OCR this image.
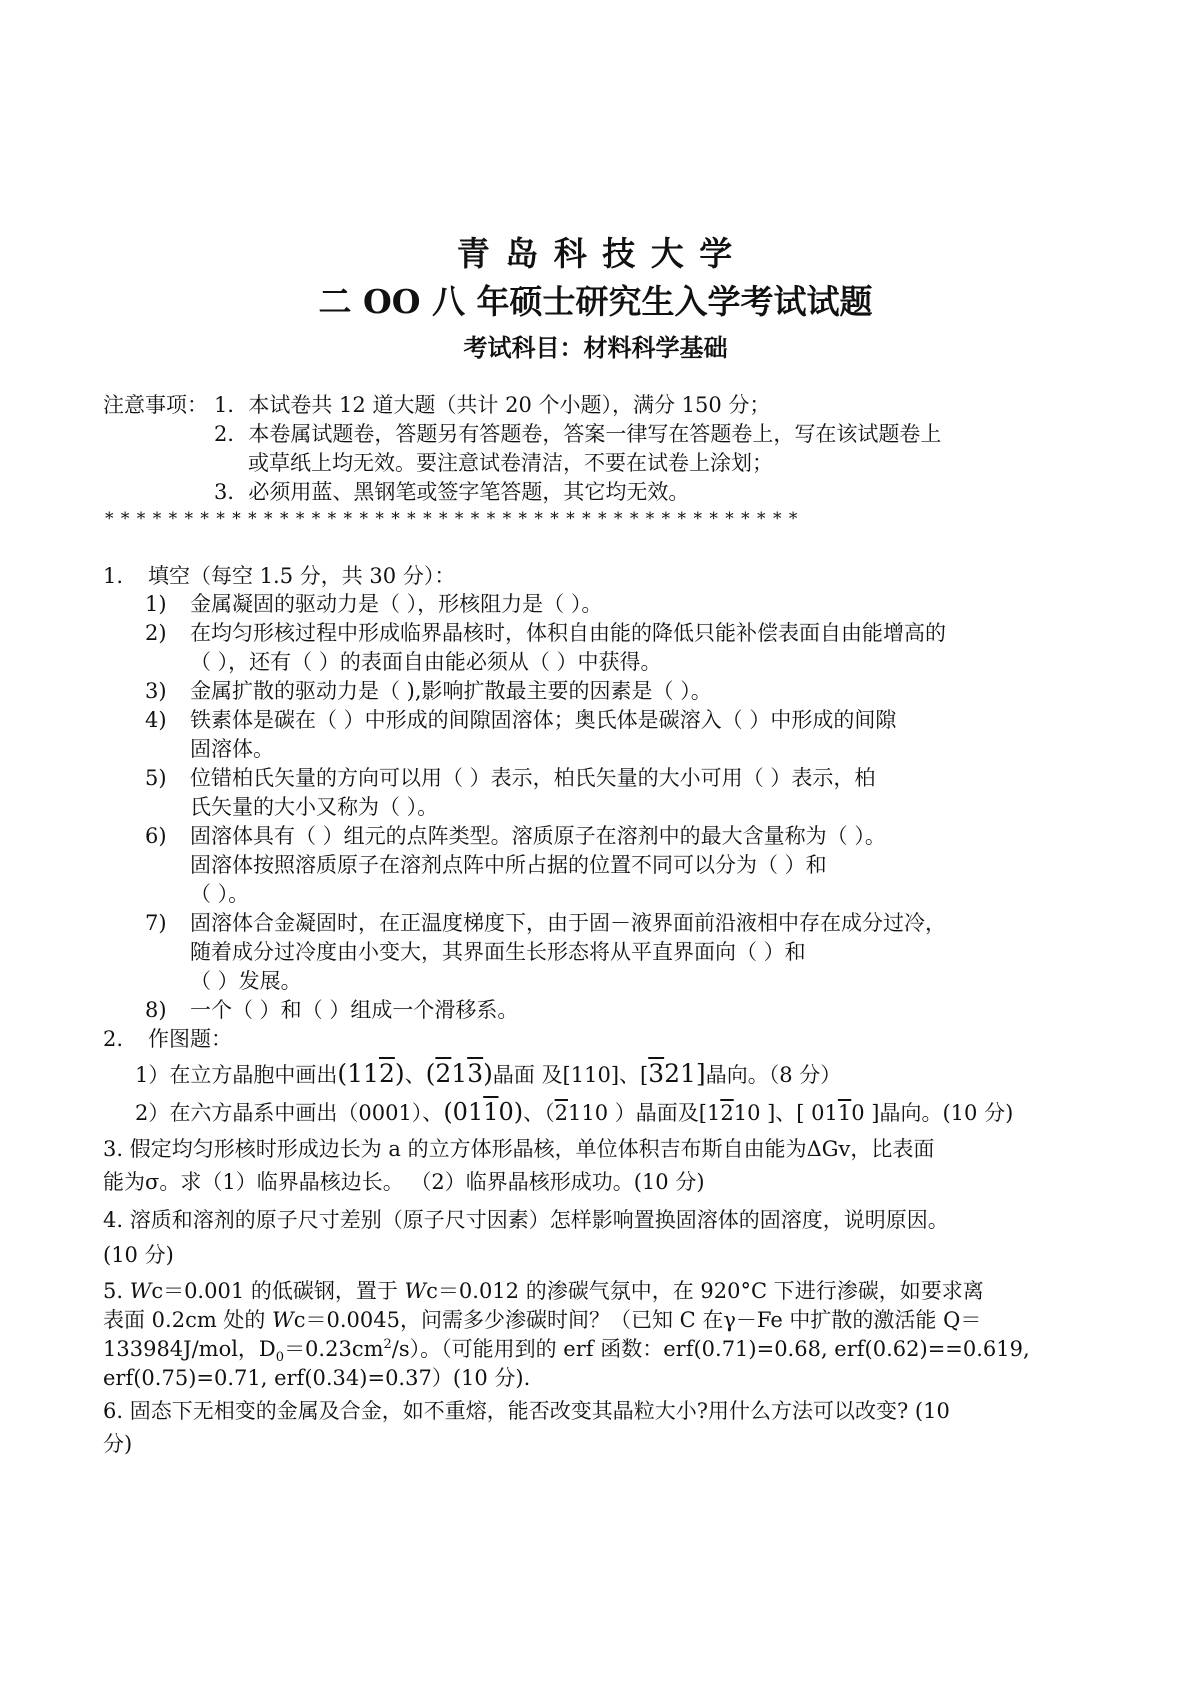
青 岛 科 技 大 学
二 OO 八 年硕士研究生入学考试试题
考试科目：材料科学基础
注意事项： 1．本试卷共 12 道大题（共计 20 个小题），满分 150 分；
2．本卷属试题卷，答题另有答题卷，答案一律写在答题卷上，写在该试题卷上
或草纸上均无效。要注意试卷清洁，不要在试卷上涂划；
3．必须用蓝、黑钢笔或签字笔答题，其它均无效。
* * * * * * * * * * * * * * * * * * * * * * * * * * * * * * * * * * * * * * * * * * * *
1. 填空（每空 1.5 分，共 30 分）：
1) 金属凝固的驱动力是（ ），形核阻力是（ ）。
2) 在均匀形核过程中形成临界晶核时，体积自由能的降低只能补偿表面自由能增高的
（ ），还有（ ）的表面自由能必须从（ ）中获得。
3) 金属扩散的驱动力是（ ),影响扩散最主要的因素是（ ）。
4) 铁素体是碳在（ ）中形成的间隙固溶体；奥氏体是碳溶入（ ）中形成的间隙
固溶体。
5) 位错柏氏矢量的方向可以用（ ）表示，柏氏矢量的大小可用（ ）表示，柏
氏矢量的大小又称为（ ）。
6) 固溶体具有（ ）组元的点阵类型。溶质原子在溶剂中的最大含量称为（ ）。
固溶体按照溶质原子在溶剂点阵中所占据的位置不同可以分为（ ）和
（ ）。
7) 固溶体合金凝固时，在正温度梯度下，由于固－液界面前沿液相中存在成分过冷，
随着成分过冷度由小变大，其界面生长形态将从平直界面向（ ）和
（ ）发展。
8) 一个（ ）和（ ）组成一个滑移系。
2. 作图题：
1）在立方晶胞中画出(112)、(213)晶面 及[110]、[321]晶向。（8 分）
2）在六方晶系中画出（0001）、(0110)、（2110 ）晶面及[1210 ]、[ 0110 ]晶向。(10 分)
3. 假定均匀形核时形成边长为 a 的立方体形晶核，单位体积吉布斯自由能为ΔGv，比表面
能为σ。求（1）临界晶核边长。 （2）临界晶核形成功。(10 分)
4. 溶质和溶剂的原子尺寸差别（原子尺寸因素）怎样影响置换固溶体的固溶度，说明原因。
(10 分)
5. Wc＝0.001 的低碳钢，置于 Wc＝0.012 的渗碳气氛中，在 920°C 下进行渗碳，如要求离
表面 0.2cm 处的 Wc＝0.0045，问需多少渗碳时间？（已知 C 在γ－Fe 中扩散的激活能 Q＝
133984J/mol，$D_0=0.23cm^2/s$）。（可能用到的 erf 函数：erf(0.71)=0.68, erf(0.62)==0.619,
erf(0.75)=0.71, erf(0.34)=0.37）(10 分).
6. 固态下无相变的金属及合金，如不重熔，能否改变其晶粒大小?用什么方法可以改变? (10
分)
